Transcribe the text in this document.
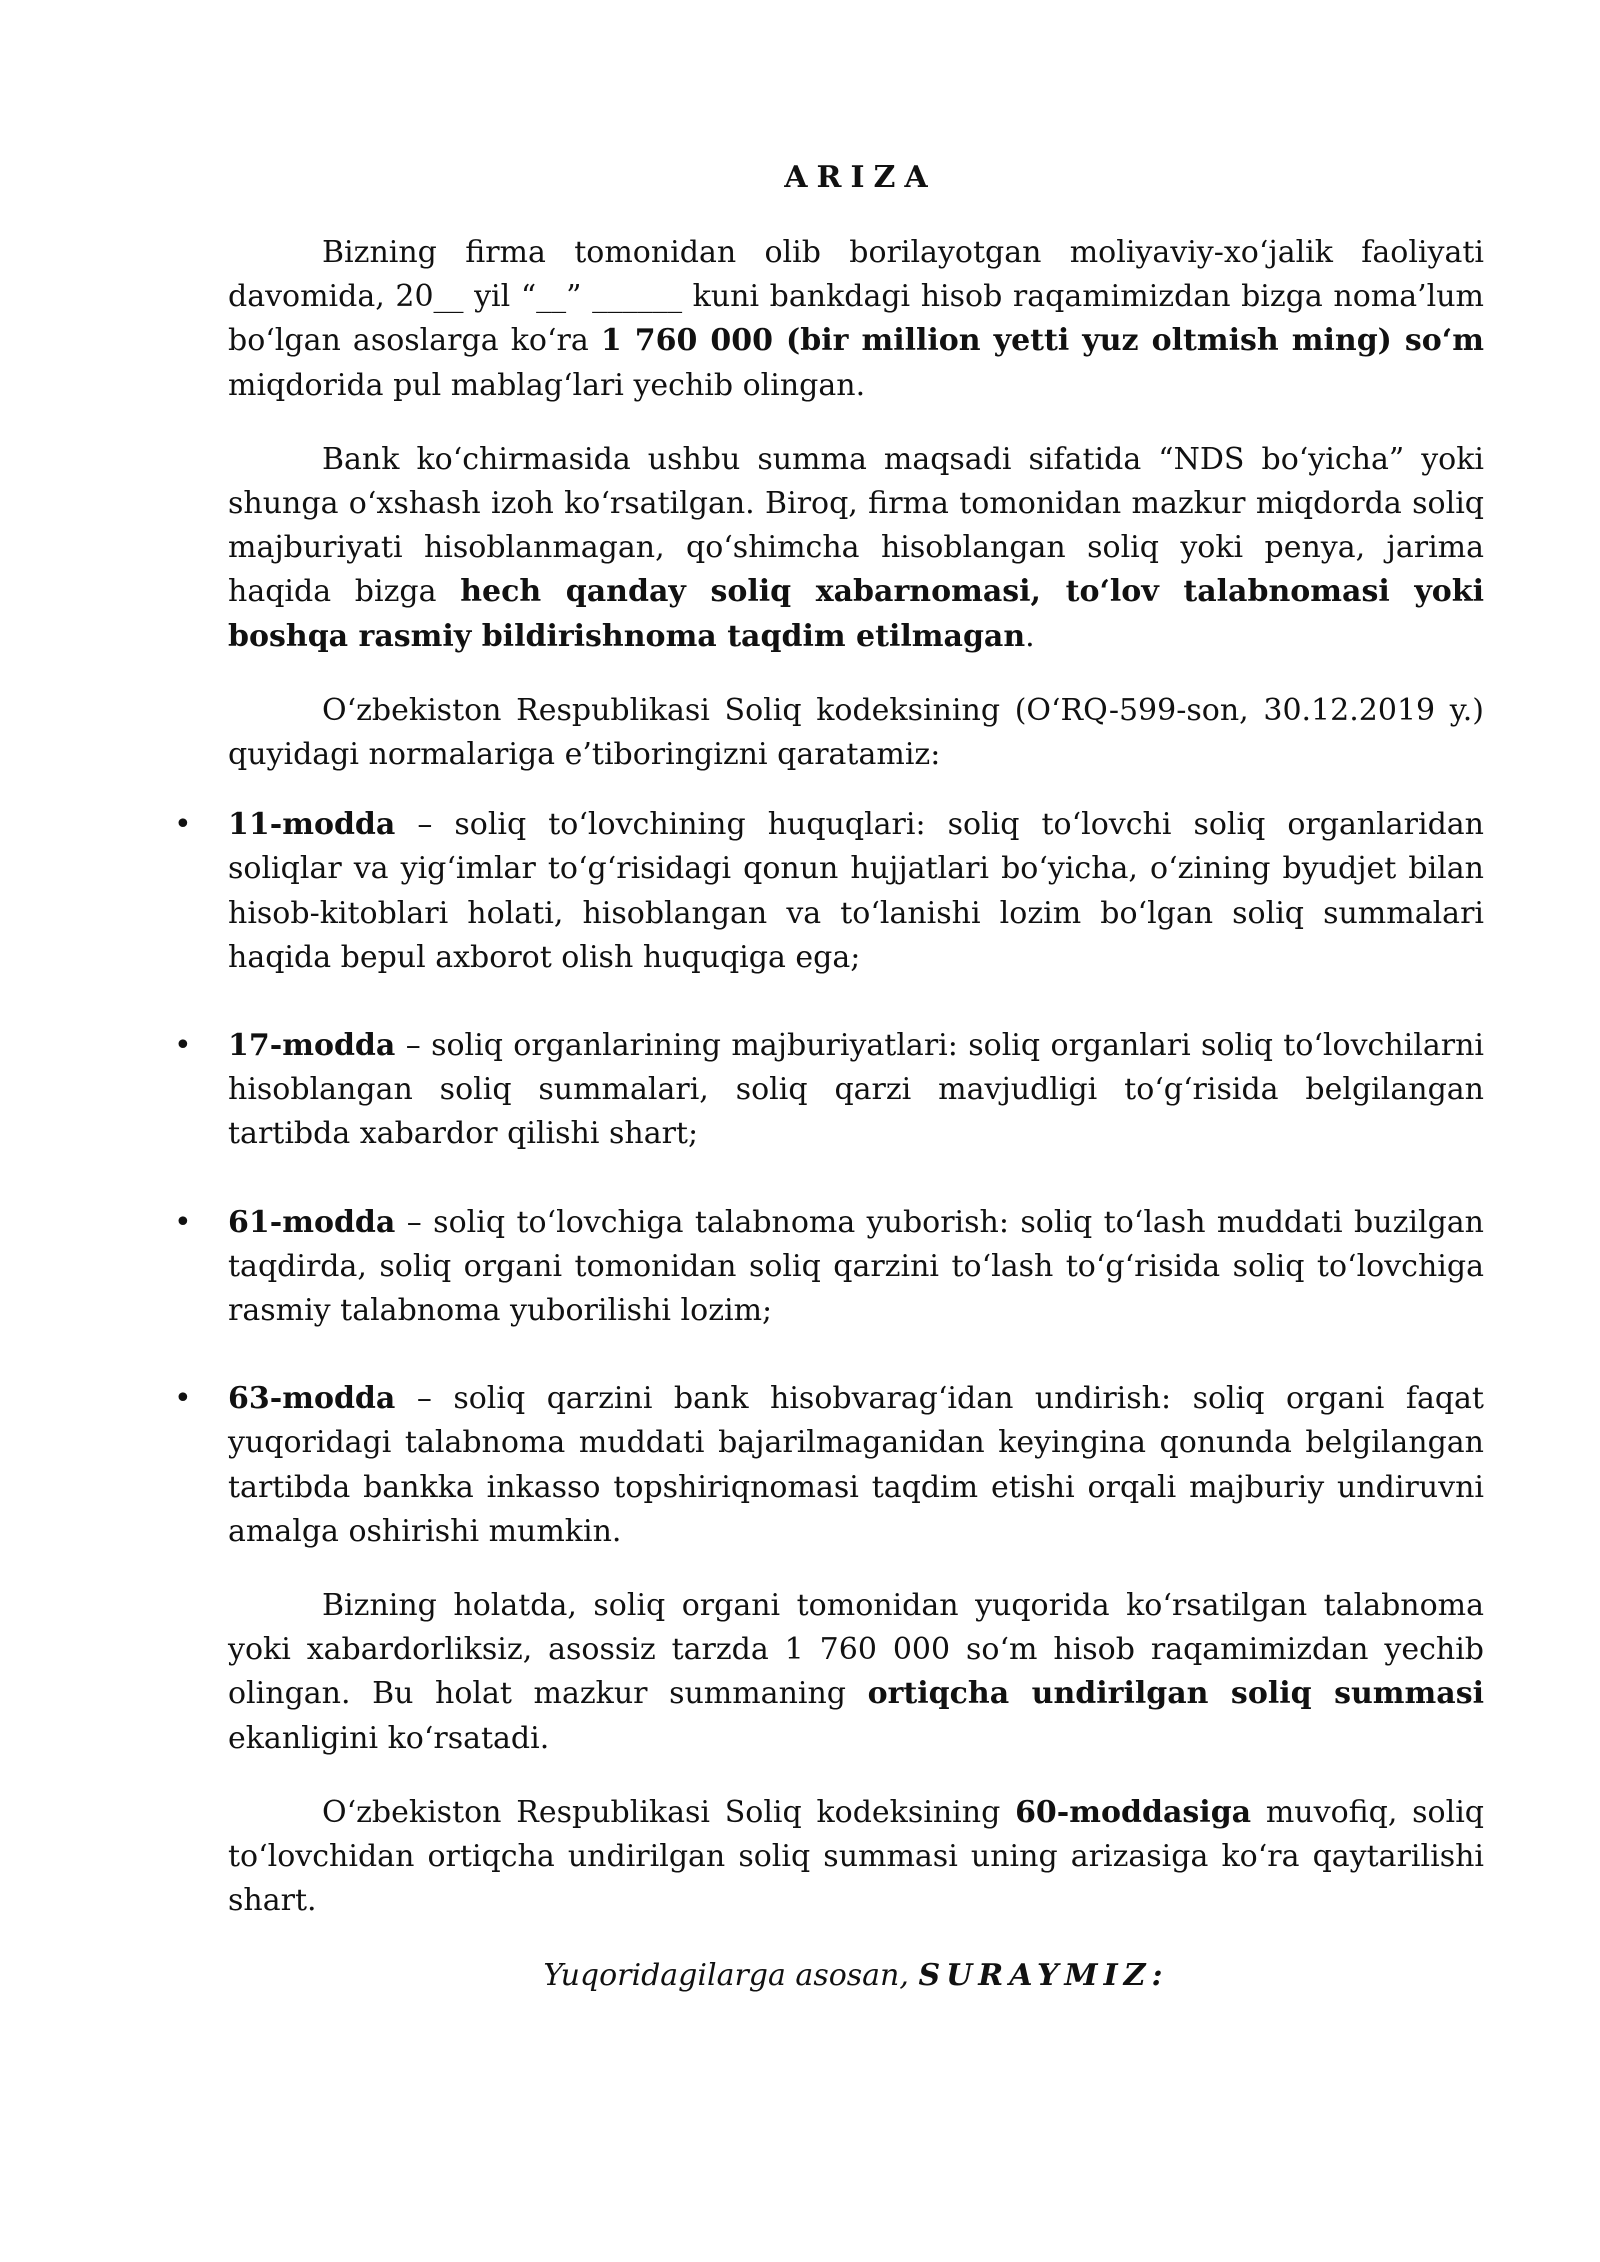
ARIZA

Bizning firma tomonidan olib borilayotgan moliyaviy-xo‘jalik faoliyati davomida, 20__ yil “__” ______ kuni bankdagi hisob raqamimizdan bizga noma’lum bo‘lgan asoslarga ko‘ra 1 760 000 (bir million yetti yuz oltmish ming) so‘m miqdorida pul mablag‘lari yechib olingan.

Bank ko‘chirmasida ushbu summa maqsadi sifatida “NDS bo‘yicha” yoki shunga o‘xshash izoh ko‘rsatilgan. Biroq, firma tomonidan mazkur miqdorda soliq majburiyati hisoblanmagan, qo‘shimcha hisoblangan soliq yoki penya, jarima haqida bizga hech qanday soliq xabarnomasi, to‘lov talabnomasi yoki boshqa rasmiy bildirishnoma taqdim etilmagan.

O‘zbekiston Respublikasi Soliq kodeksining (O‘RQ-599-son, 30.12.2019 y.) quyidagi normalariga e’tiboringizni qaratamiz:

• 11-modda – soliq to‘lovchining huquqlari: soliq to‘lovchi soliq organlaridan soliqlar va yig‘imlar to‘g‘risidagi qonun hujjatlari bo‘yicha, o‘zining byudjet bilan hisob-kitoblari holati, hisoblangan va to‘lanishi lozim bo‘lgan soliq summalari haqida bepul axborot olish huquqiga ega;

• 17-modda – soliq organlarining majburiyatlari: soliq organlari soliq to‘lovchilarni hisoblangan soliq summalari, soliq qarzi mavjudligi to‘g‘risida belgilangan tartibda xabardor qilishi shart;

• 61-modda – soliq to‘lovchiga talabnoma yuborish: soliq to‘lash muddati buzilgan taqdirda, soliq organi tomonidan soliq qarzini to‘lash to‘g‘risida soliq to‘lovchiga rasmiy talabnoma yuborilishi lozim;

• 63-modda – soliq qarzini bank hisobvarag‘idan undirish: soliq organi faqat yuqoridagi talabnoma muddati bajarilmaganidan keyingina qonunda belgilangan tartibda bankka inkasso topshiriqnomasi taqdim etishi orqali majburiy undiruvni amalga oshirishi mumkin.

Bizning holatda, soliq organi tomonidan yuqorida ko‘rsatilgan talabnoma yoki xabardorliksiz, asossiz tarzda 1 760 000 so‘m hisob raqamimizdan yechib olingan. Bu holat mazkur summaning ortiqcha undirilgan soliq summasi ekanligini ko‘rsatadi.

O‘zbekiston Respublikasi Soliq kodeksining 60-moddasiga muvofiq, soliq to‘lovchidan ortiqcha undirilgan soliq summasi uning arizasiga ko‘ra qaytarilishi shart.

Yuqoridagilarga asosan, SURAYMIZ:
